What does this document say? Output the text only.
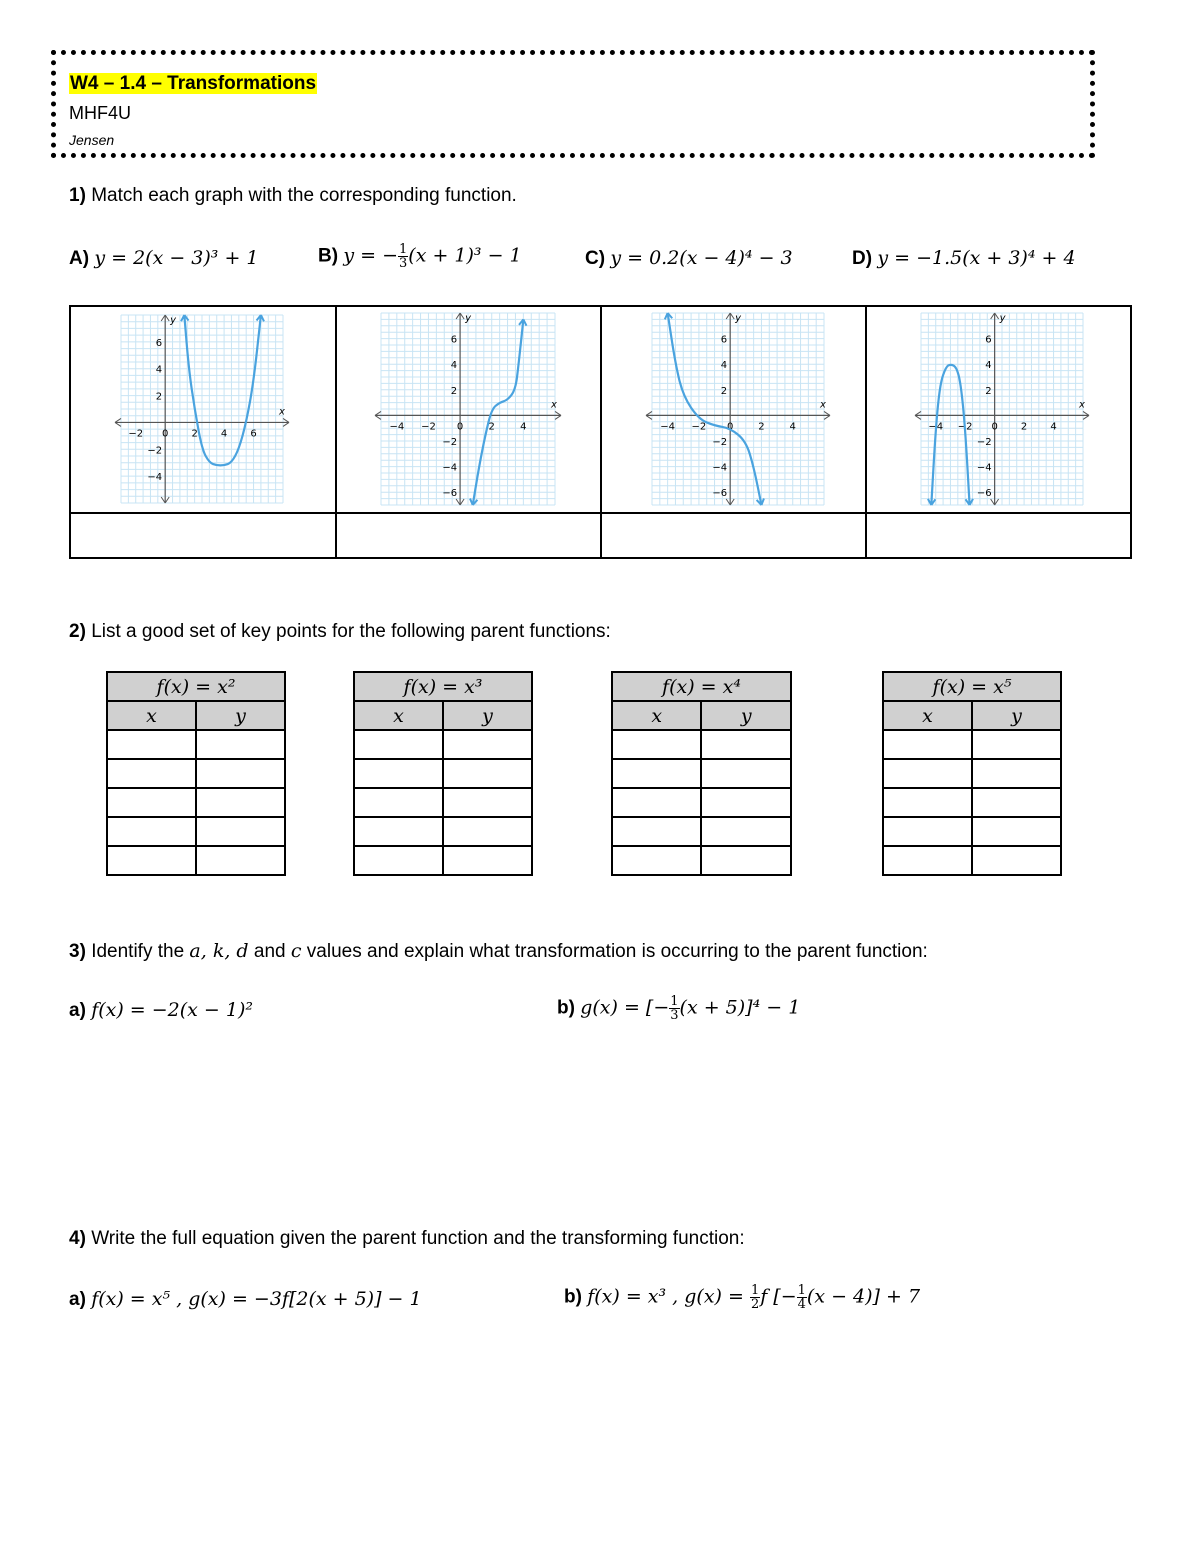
W4 – 1.4 – Transformations
MHF4U
Jensen
1) Match each graph with the corresponding function.
A) y = 2(x − 3)³ + 1	B) y = − $\frac{1}{3} (x + 1)^3 - 1$	C) y = 0.2(x − 4)⁴ − 3	D) y = −1.5(x + 3)⁴ + 4
x
y
−2 0 2 4 6
6
4
2
−2
−4
x
y
−4 −2 0	2	4
6
4
2
−2
−4
−6
x
y
−4 −2 0 2 4
6
4
2
−2
−4
−6
x
y
−4 −2 0 2 4
6
4
2
−2
−4
−6
2) List a good set of key points for the following parent functions:
f(x) = x²	
x	y

f(x) = x³	
x	y

f(x) = x⁴	
x	y

f(x) = x⁵	
x	y

3) Identify the a, k, d and c values and explain what transformation is occurring to the parent function:
a) f(x) = −2(x − 1)²	b) g(x) = [− $\frac{1}{3} (x + 5)]^4 - 1$
4) Write the full equation given the parent function and the transforming function:
a) f(x) = x⁵ , g(x) = −3f[2(x + 5)] − 1	b) f(x) = x³ , $g(x) = \frac{1}{2}$ f [− $\frac{1}{4} (x - 4)] + 7$
